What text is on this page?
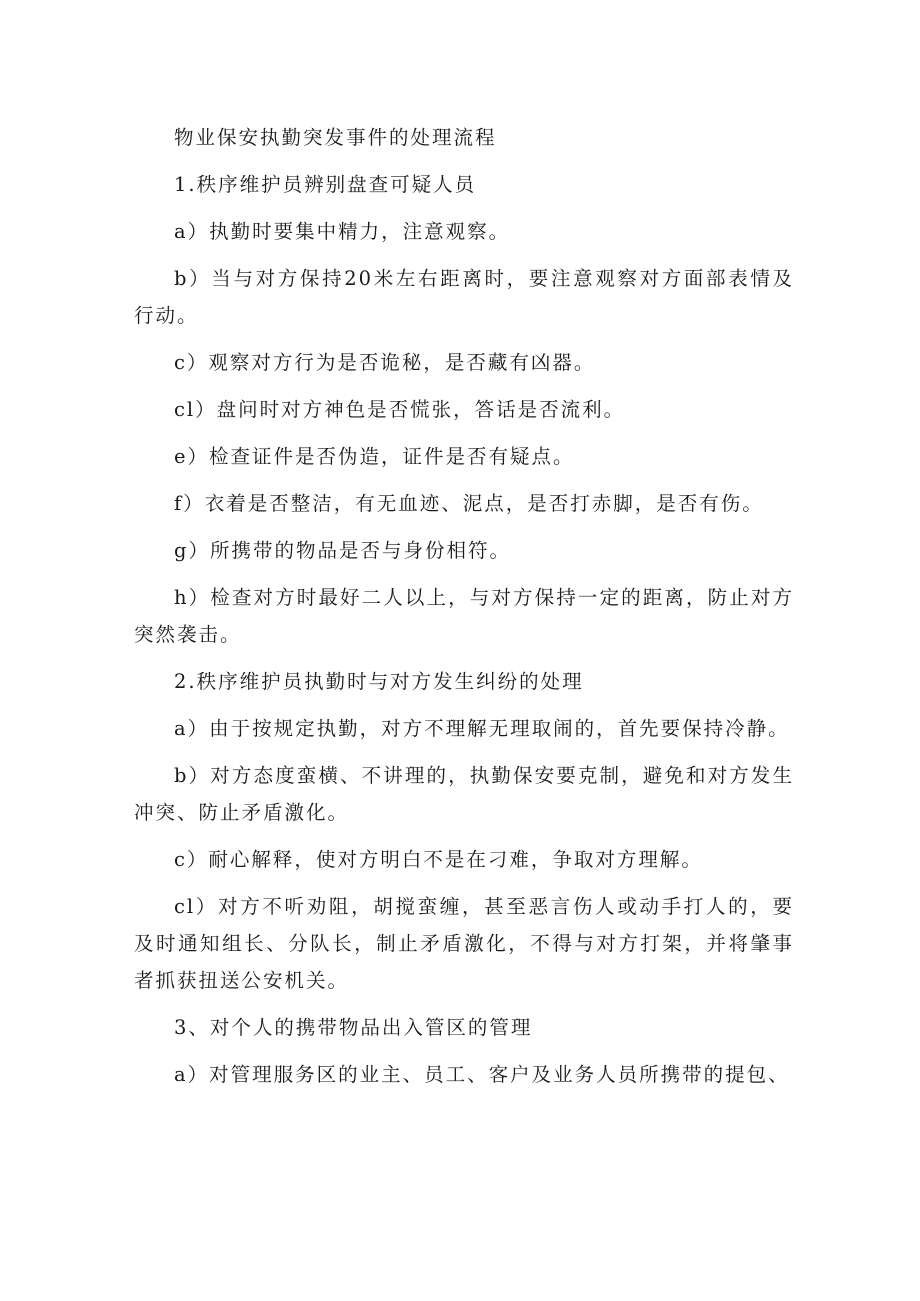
物业保安执勤突发事件的处理流程

1.秩序维护员辨别盘查可疑人员

a）执勤时要集中精力，注意观察。

b）当与对方保持20米左右距离时，要注意观察对方面部表情及行动。

c）观察对方行为是否诡秘，是否藏有凶器。

cl）盘问时对方神色是否慌张，答话是否流利。

e）检查证件是否伪造，证件是否有疑点。

f）衣着是否整洁，有无血迹、泥点，是否打赤脚，是否有伤。

g）所携带的物品是否与身份相符。

h）检查对方时最好二人以上，与对方保持一定的距离，防止对方突然袭击。

2.秩序维护员执勤时与对方发生纠纷的处理

a）由于按规定执勤，对方不理解无理取闹的，首先要保持冷静。

b）对方态度蛮横、不讲理的，执勤保安要克制，避免和对方发生冲突、防止矛盾激化。

c）耐心解释，使对方明白不是在刁难，争取对方理解。

cl）对方不听劝阻，胡搅蛮缠，甚至恶言伤人或动手打人的，要及时通知组长、分队长，制止矛盾激化，不得与对方打架，并将肇事者抓获扭送公安机关。

3、对个人的携带物品出入管区的管理

a）对管理服务区的业主、员工、客户及业务人员所携带的提包、
